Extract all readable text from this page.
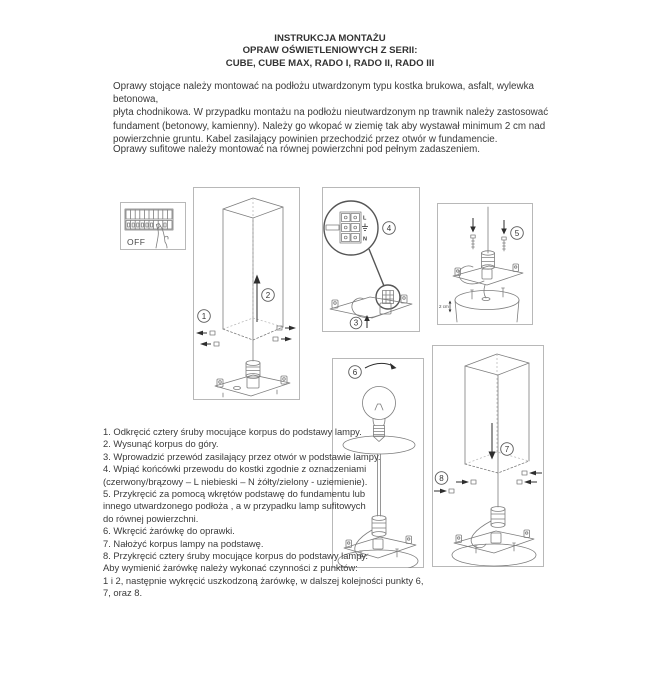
INSTRUKCJA MONTAŻU
OPRAW OŚWIETLENIOWYCH Z SERII:
CUBE, CUBE MAX, RADO I, RADO II, RADO III
Oprawy stojące należy montować na podłożu utwardzonym typu kostka brukowa, asfalt, wylewka betonowa,
płyta chodnikowa. W przypadku montażu na podłożu nieutwardzonym np trawnik należy zastosować
fundament (betonowy, kamienny). Należy go wkopać w ziemię tak aby wystawał minimum 2 cm nad
powierzchnie gruntu. Kabel zasilający powinien przechodzić przez otwór w fundamencie.
Oprawy sufitowe należy montować na równej powierzchni pod pełnym zadaszeniem.
OFF
2
1
L
N
4
3
5
2 cm
6
7
8
1. Odkręcić cztery śruby mocujące korpus do podstawy lampy.
2. Wysunąć korpus do góry.
3. Wprowadzić przewód zasilający przez otwór w podstawie lampy.
4. Wpiąć końcówki przewodu do kostki zgodnie z oznaczeniami
(czerwony/brązowy – L niebieski – N żółty/zielony - uziemienie).
5. Przykręcić za pomocą wkrętów podstawę do fundamentu lub
innego utwardzonego podłoża , a w przypadku lamp sufitowych
do równej powierzchni.
6. Wkręcić żarówkę do oprawki.
7. Nałożyć korpus lampy na podstawę.
8. Przykręcić cztery śruby mocujące korpus do podstawy lampy.
Aby wymienić żarówkę należy wykonać czynności z punktów:
1 i 2, następnie wykręcić uszkodzoną żarówkę, w dalszej kolejności punkty 6, 7, oraz 8.
